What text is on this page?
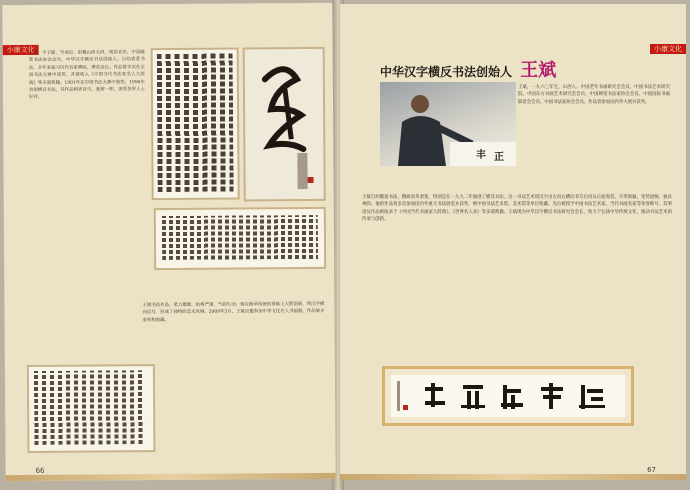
小康文化
王斌，字子健，号虎臣，祖籍山西大同，现居北京。中国硬笔书法协会会员，中华汉字横反书法创始人。自幼喜爱书法，多年来临习历代名家碑帖，博采众长。作品曾多次在全国书法大赛中获奖，并被收入《中国当代书法家名人大辞典》等多部典籍。1991年在中国书法大赛中获奖，1996年首创横反书法，其作品构思奇巧，独树一帜，深受各界人士好评。
王斌书法作品，笔力雄健，结构严谨，气韵生动。他在继承传统的基础上大胆创新，将汉字横向反写，形成了独特的艺术风格。2009年3月，王斌应邀参加中华文化名人书画展，作品被多家机构收藏。
66
小康文化
中华汉字横反书法创始人 王斌
丰 正
王斌，一九六三年生，山西人。中国老年书画研究会会员、中国书法艺术研究院、中国东方书画艺术研究会会员、中国硬笔书法家协会会员、中国国际书画联谊会会员、中国书法家协会会员。作品曾参加国内外大展并获奖。
王斌自幼酷爱书法，精研真草隶篆，特别是在一九九二年独创了横反书法，这一书法艺术将汉字由左向右横向书写后再从正面观赏，字形新颖，笔势流畅，独具神韵。他的作品曾多次参加国内外重大书法展览并获奖，被中国书法艺术馆、美术馆等单位收藏。先后被授予中国书法艺术家、当代书画名家等荣誉称号。其事迹及作品被收录于《中国当代书画家大辞典》、《世界名人录》等多部典籍。王斌现为中华汉字横反书法研究会会长，致力于弘扬中华传统文化，推动书法艺术的传承与创新。
67
